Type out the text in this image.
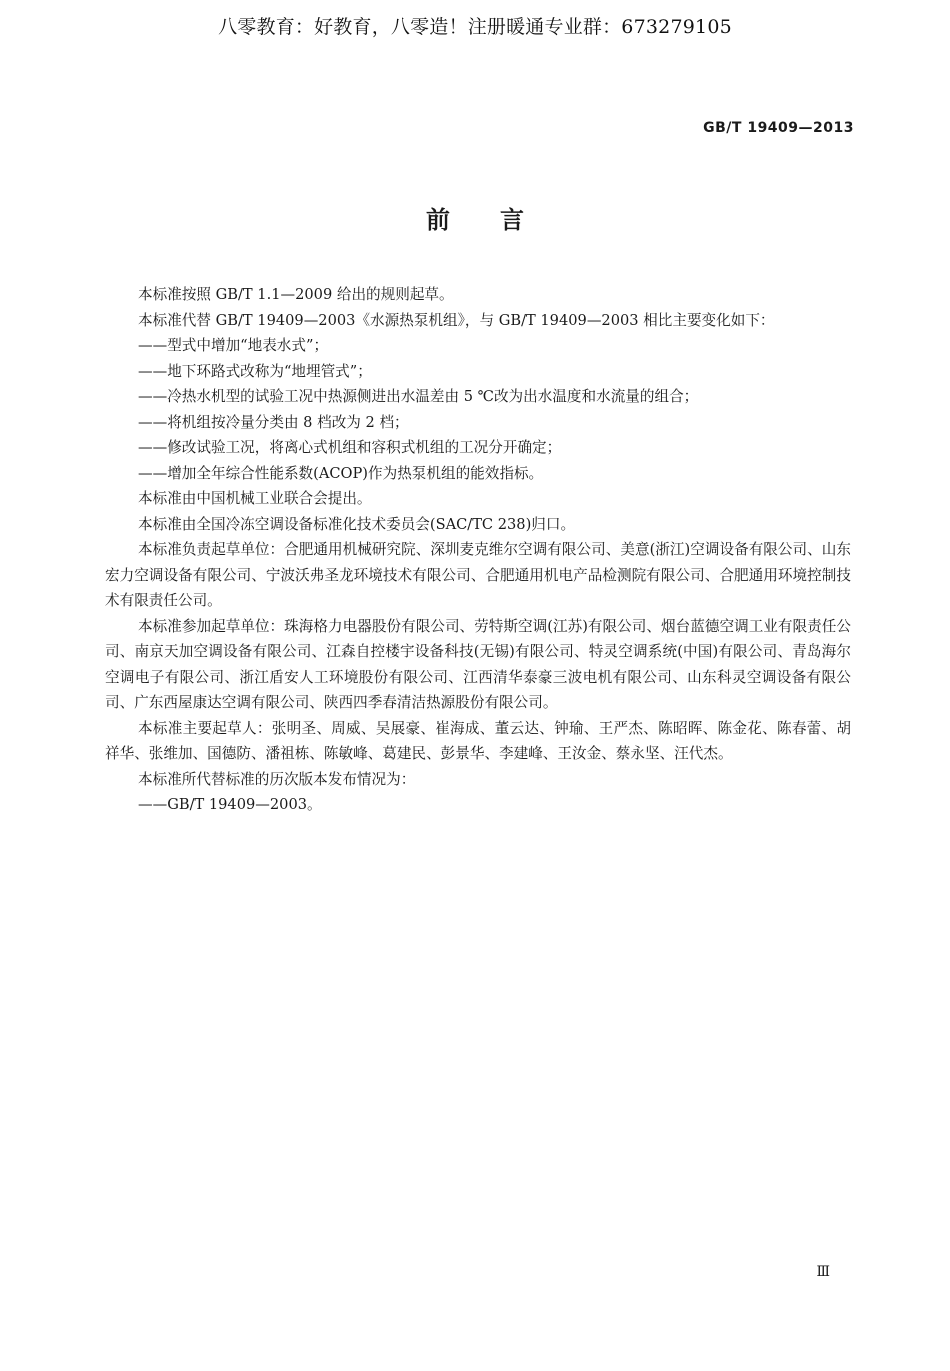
八零教育：好教育，八零造！注册暖通专业群：673279105
GB/T 19409—2013
前言

本标准按照 GB/T 1.1—2009 给出的规则起草。

本标准代替 GB/T 19409—2003《水源热泵机组》，与 GB/T 19409—2003 相比主要变化如下：

——型式中增加“地表水式”；

——地下环路式改称为“地埋管式”；

——冷热水机型的试验工况中热源侧进出水温差由 5 ℃改为出水温度和水流量的组合；

——将机组按冷量分类由 8 档改为 2 档；

——修改试验工况，将离心式机组和容积式机组的工况分开确定；

——增加全年综合性能系数(ACOP)作为热泵机组的能效指标。

本标准由中国机械工业联合会提出。

本标准由全国冷冻空调设备标准化技术委员会(SAC/TC 238)归口。

本标准负责起草单位：合肥通用机械研究院、深圳麦克维尔空调有限公司、美意(浙江)空调设备有限公司、山东宏力空调设备有限公司、宁波沃弗圣龙环境技术有限公司、合肥通用机电产品检测院有限公司、合肥通用环境控制技术有限责任公司。

本标准参加起草单位：珠海格力电器股份有限公司、劳特斯空调(江苏)有限公司、烟台蓝德空调工业有限责任公司、南京天加空调设备有限公司、江森自控楼宇设备科技(无锡)有限公司、特灵空调系统(中国)有限公司、青岛海尔空调电子有限公司、浙江盾安人工环境股份有限公司、江西清华泰豪三波电机有限公司、山东科灵空调设备有限公司、广东西屋康达空调有限公司、陕西四季春清洁热源股份有限公司。

本标准主要起草人：张明圣、周威、吴展豪、崔海成、董云达、钟瑜、王严杰、陈昭晖、陈金花、陈春蕾、胡祥华、张维加、国德防、潘祖栋、陈敏峰、葛建民、彭景华、李建峰、王汝金、蔡永坚、汪代杰。

本标准所代替标准的历次版本发布情况为：

——GB/T 19409—2003。

Ⅲ
